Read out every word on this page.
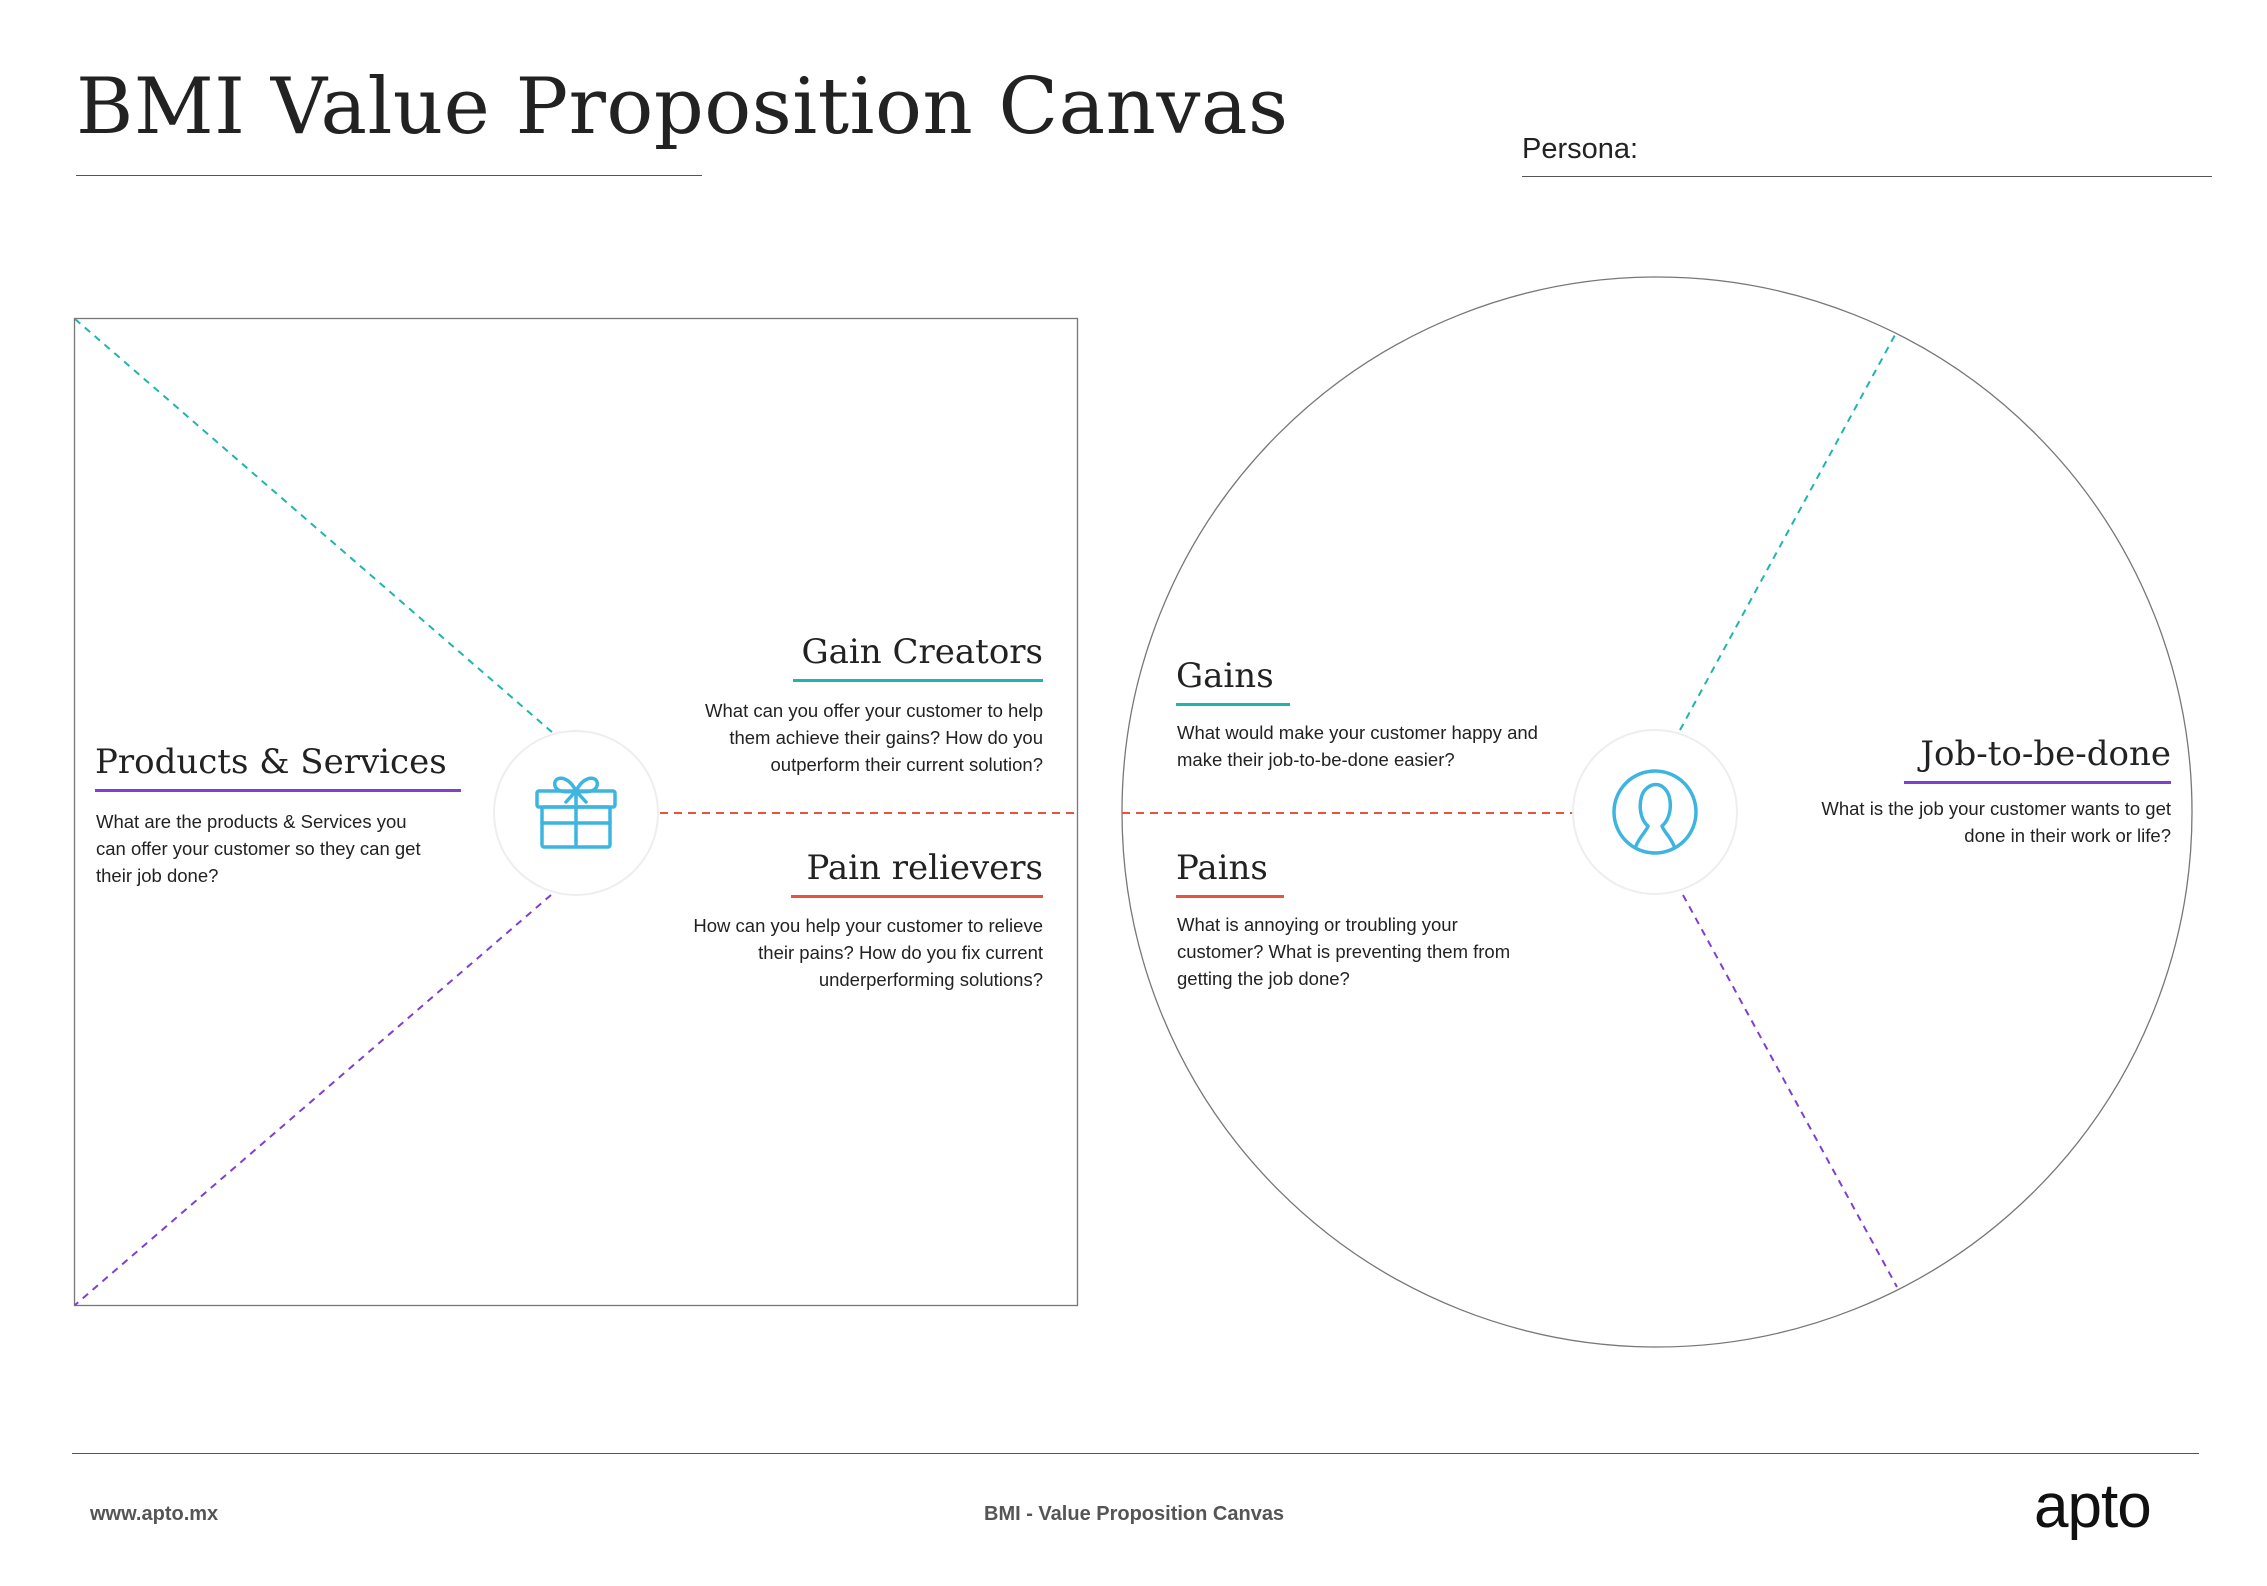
BMI Value Proposition Canvas	Persona:
Products & Services
What are the products & Services you can offer your customer so they can get their job done?
Gain Creators
What can you offer your customer to help them achieve their gains? How do you outperform their current solution?
Pain relievers
How can you help your customer to relieve their pains? How do you fix current underperforming solutions?
Gains
What would make your customer happy and make their job-to-be-done easier?
Pains
What is annoying or troubling your customer? What is preventing them from getting the job done?
Job-to-be-done
What is the job your customer wants to get done in their work or life?
www.apto.mx	BMI - Value Proposition Canvas	apto
